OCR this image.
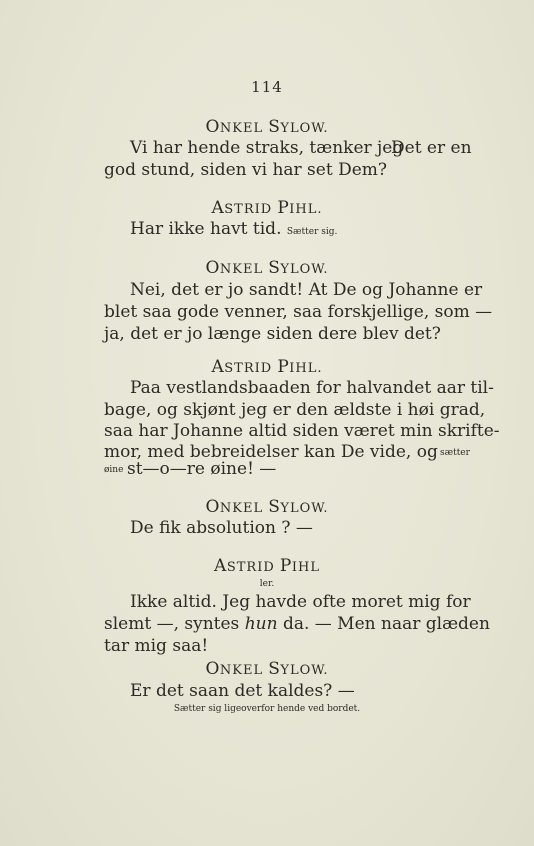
114
ONKEL SYLOW.
Vi har hende straks, tænker jeg
Det er en
god stund, siden vi har set Dem?
ASTRID PIHL.
Har ikke havt tid. Sætter sig.
ONKEL SYLOW.
Nei, det er jo sandt! At De og Johanne er
blet saa gode venner, saa forskjellige, som —
ja, det er jo længe siden dere blev det?
ASTRID PIHL.
Paa vestlandsbaaden for halvandet aar til-
bage, og skjønt jeg er den ældste i høi grad,
saa har Johanne altid siden været min skrifte-
mor, med bebreidelser kan De vide, og sætter
øine st—o—re øine! —
ONKEL SYLOW.
De fik absolution ? —
ASTRID PIHL
ler.
Ikke altid. Jeg havde ofte moret mig for
slemt —, syntes hun da. — Men naar glæden
tar mig saa!
ONKEL SYLOW.
Er det saan det kaldes? —
Sætter sig ligeoverfor hende ved bordet.
